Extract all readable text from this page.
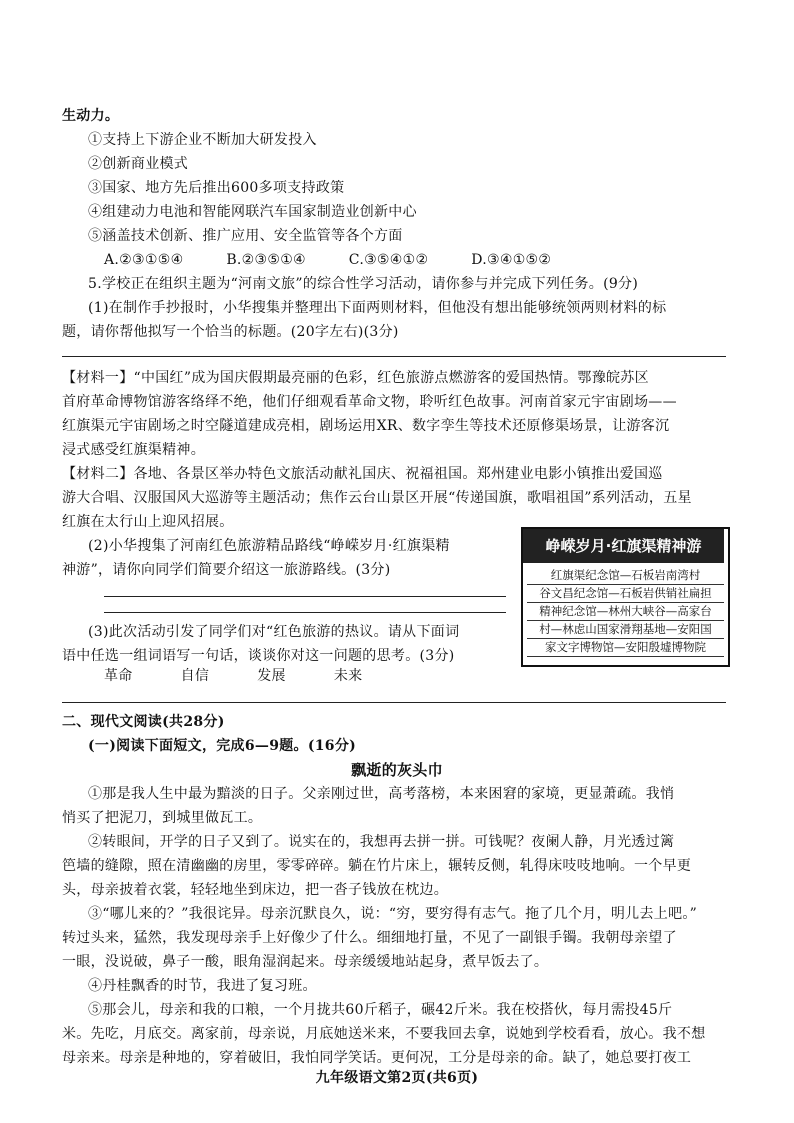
生动力。
①支持上下游企业不断加大研发投入
②创新商业模式
③国家、地方先后推出600多项支持政策
④组建动力电池和智能网联汽车国家制造业创新中心
⑤涵盖技术创新、推广应用、安全监管等各个方面
A.②③①⑤④　　　B.②③⑤①④　　　C.③⑤④①②　　　D.③④①⑤②
5.学校正在组织主题为“河南文旅”的综合性学习活动，请你参与并完成下列任务。(9分)
(1)在制作手抄报时，小华搜集并整理出下面两则材料，但他没有想出能够统领两则材料的标
题，请你帮他拟写一个恰当的标题。(20字左右)(3分)
【材料一】“中国红”成为国庆假期最亮丽的色彩，红色旅游点燃游客的爱国热情。鄂豫皖苏区
首府革命博物馆游客络绎不绝，他们仔细观看革命文物，聆听红色故事。河南首家元宇宙剧场——
红旗渠元宇宙剧场之时空隧道建成亮相，剧场运用XR、数字孪生等技术还原修渠场景，让游客沉
浸式感受红旗渠精神。
【材料二】各地、各景区举办特色文旅活动献礼国庆、祝福祖国。郑州建业电影小镇推出爱国巡
游大合唱、汉服国风大巡游等主题活动；焦作云台山景区开展“传递国旗，歌唱祖国”系列活动，五星
红旗在太行山上迎风招展。
(2)小华搜集了河南红色旅游精品路线“峥嵘岁月·红旗渠精
神游”，请你向同学们简要介绍这一旅游路线。(3分)
峥嵘岁月·红旗渠精神游
红旗渠纪念馆—石板岩南湾村
谷文昌纪念馆—石板岩供销社扁担
精神纪念馆—林州大峡谷—高家台
村—林虑山国家滑翔基地—安阳国
家文字博物馆—安阳殷墟博物院
(3)此次活动引发了同学们对“红色旅游的热议。请从下面词
语中任选一组词语写一句话，谈谈你对这一问题的思考。(3分)
革命	自信	发展	未来
二、现代文阅读(共28分)
(一)阅读下面短文，完成6—9题。(16分)
飘逝的灰头巾
①那是我人生中最为黯淡的日子。父亲刚过世，高考落榜，本来困窘的家境，更显萧疏。我悄
悄买了把泥刀，到城里做瓦工。
②转眼间，开学的日子又到了。说实在的，我想再去拼一拼。可钱呢？夜阑人静，月光透过篱
笆墙的缝隙，照在清幽幽的房里，零零碎碎。躺在竹片床上，辗转反侧，轧得床吱吱地响。一个早更
头，母亲披着衣裳，轻轻地坐到床边，把一沓子钱放在枕边。
③“哪儿来的？”我很诧异。母亲沉默良久，说：“穷，要穷得有志气。拖了几个月，明儿去上吧。”
转过头来，猛然，我发现母亲手上好像少了什么。细细地打量，不见了一副银手镯。我朝母亲望了
一眼，没说破，鼻子一酸，眼角湿润起来。母亲缓缓地站起身，煮早饭去了。
④丹桂飘香的时节，我进了复习班。
⑤那会儿，母亲和我的口粮，一个月拢共60斤稻子，碾42斤米。我在校搭伙，每月需投45斤
米。先吃，月底交。离家前，母亲说，月底她送米来，不要我回去拿，说她到学校看看，放心。我不想
母亲来。母亲是种地的，穿着破旧，我怕同学笑话。更何况，工分是母亲的命。缺了，她总要打夜工
九年级语文第2页(共6页)
